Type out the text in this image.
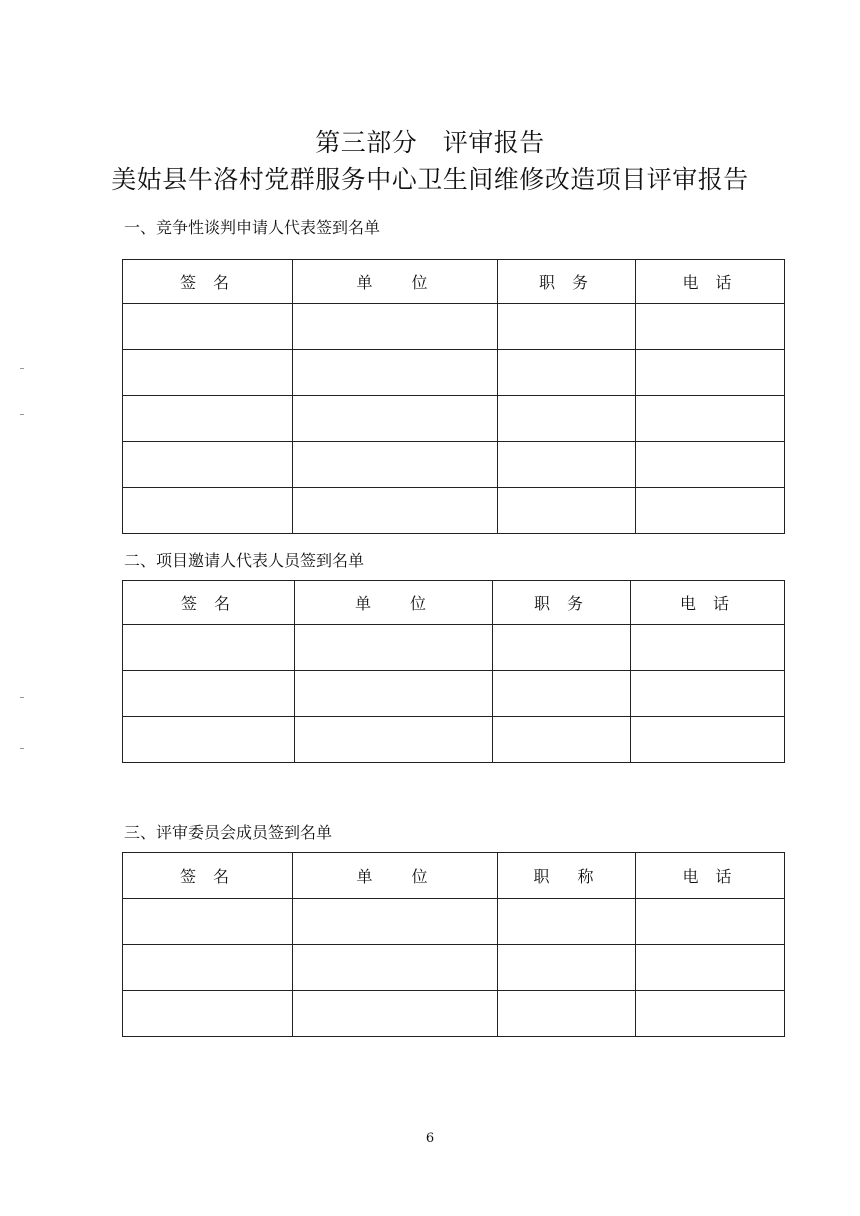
第三部分　评审报告
美姑县牛洛村党群服务中心卫生间维修改造项目评审报告
一、竞争性谈判申请人代表签到名单
签 名	单　 位	职 务	电 话

二、项目邀请人代表人员签到名单
签 名	单　 位	职 务	电 话

三、评审委员会成员签到名单
签 名	单　 位	职　称	电 话

6
